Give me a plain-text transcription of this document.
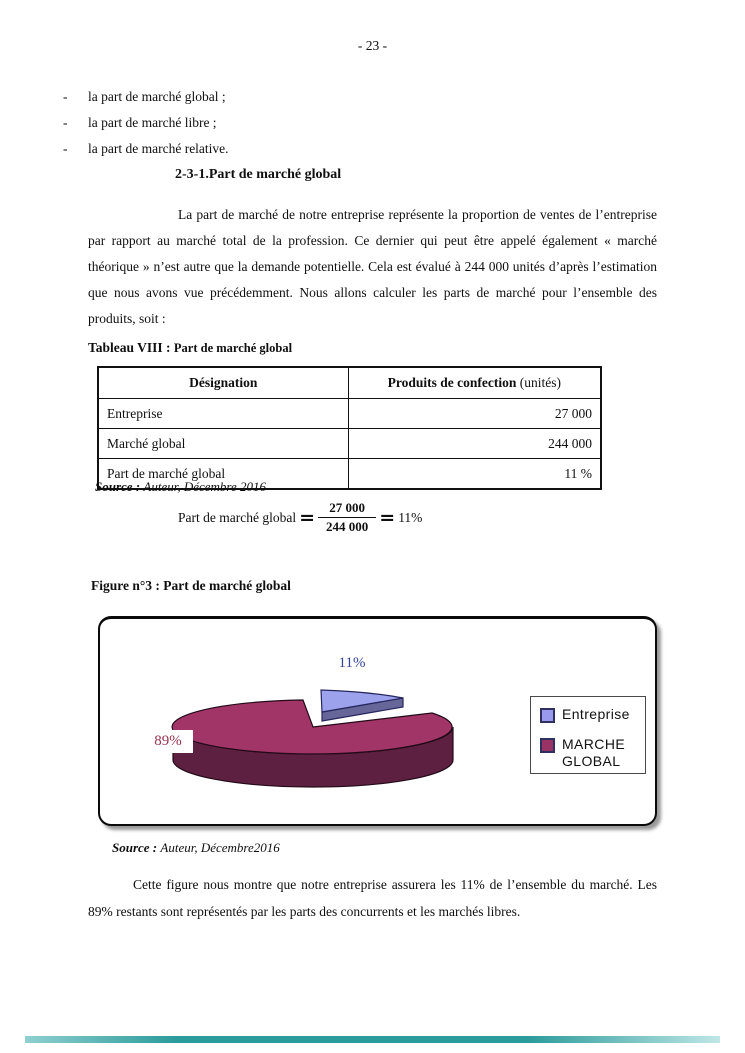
- 23 -
-	la part de marché global ;
-	la part de marché libre ;
-	la part de marché relative.
2-3-1.Part de marché global
La part de marché de notre entreprise représente la proportion de ventes de l’entreprise par rapport au marché total de la profession. Ce dernier qui peut être appelé également « marché théorique » n’est autre que la demande potentielle. Cela est évalué à 244 000 unités d’après l’estimation que nous avons vue précédemment. Nous allons calculer les parts de marché pour l’ensemble des produits, soit :
Tableau VIII : Part de marché global
Désignation	Produits de confection (unités)
Entreprise	27 000
Marché global	244 000
Part de marché global	11 %
Source : Auteur, Décembre 2016
Part de marché global = $\frac{27 000}{244 000} = 11\%$
Figure n°3 : Part de marché global
11%
89%
Entreprise
MARCHE GLOBAL
Source : Auteur, Décembre2016
Cette figure nous montre que notre entreprise assurera les 11% de l’ensemble du marché. Les 89% restants sont représentés par les parts des concurrents et les marchés libres.
